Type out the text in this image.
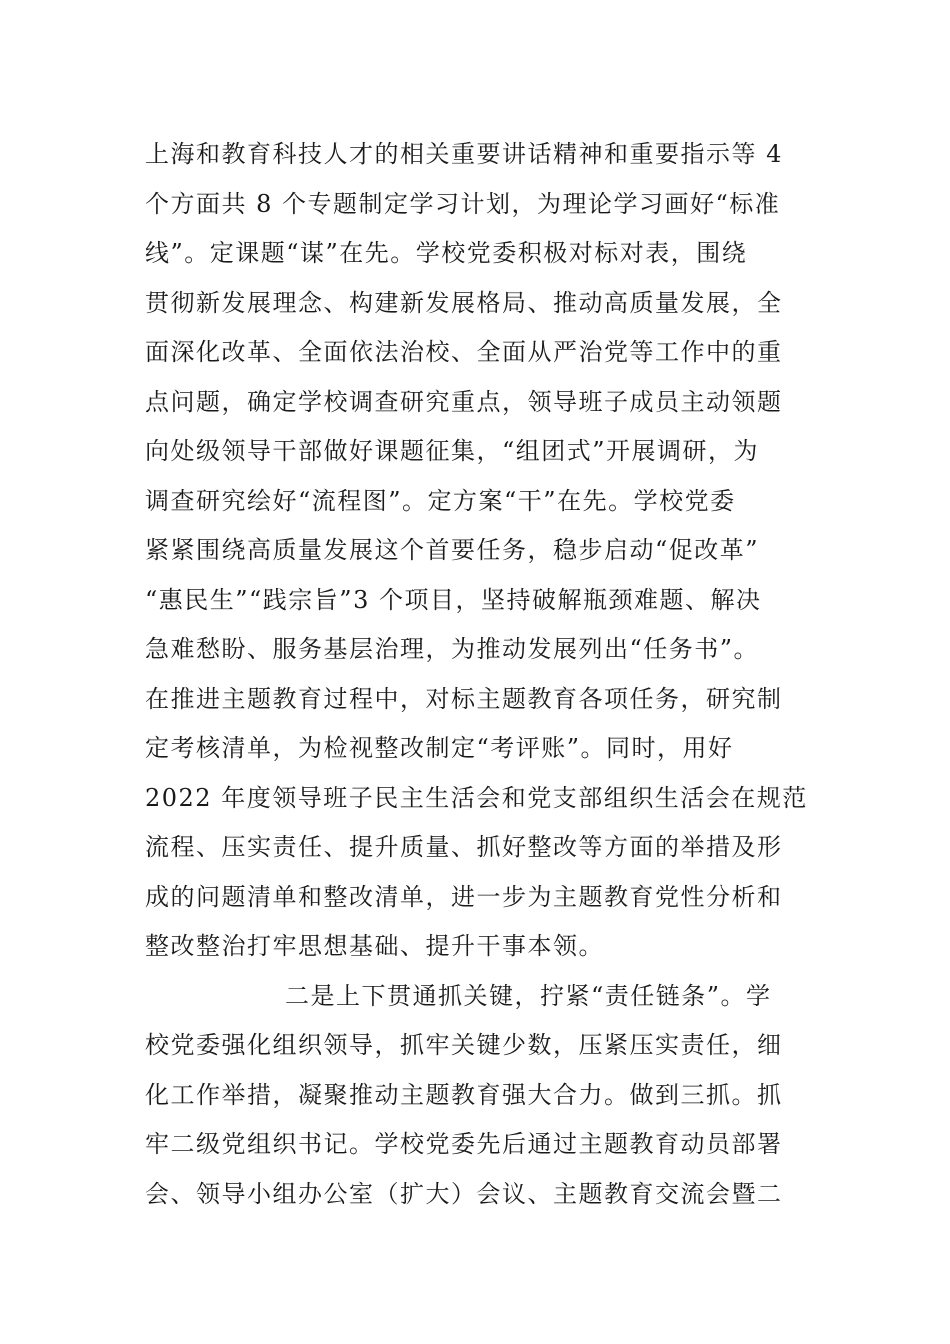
上海和教育科技人才的相关重要讲话精神和重要指示等 4
个方面共 8 个专题制定学习计划，为理论学习画好“标准
线”。定课题“谋”在先。学校党委积极对标对表，围绕
贯彻新发展理念、构建新发展格局、推动高质量发展，全
面深化改革、全面依法治校、全面从严治党等工作中的重
点问题，确定学校调查研究重点，领导班子成员主动领题
向处级领导干部做好课题征集，“组团式”开展调研，为
调查研究绘好“流程图”。定方案“干”在先。学校党委
紧紧围绕高质量发展这个首要任务，稳步启动“促改革”
“惠民生”“践宗旨”3 个项目，坚持破解瓶颈难题、解决
急难愁盼、服务基层治理，为推动发展列出“任务书”。
在推进主题教育过程中，对标主题教育各项任务，研究制
定考核清单，为检视整改制定“考评账”。同时，用好
2022 年度领导班子民主生活会和党支部组织生活会在规范
流程、压实责任、提升质量、抓好整改等方面的举措及形
成的问题清单和整改清单，进一步为主题教育党性分析和
整改整治打牢思想基础、提升干事本领。
二是上下贯通抓关键，拧紧“责任链条”。学
校党委强化组织领导，抓牢关键少数，压紧压实责任，细
化工作举措，凝聚推动主题教育强大合力。做到三抓。抓
牢二级党组织书记。学校党委先后通过主题教育动员部署
会、领导小组办公室（扩大）会议、主题教育交流会暨二
